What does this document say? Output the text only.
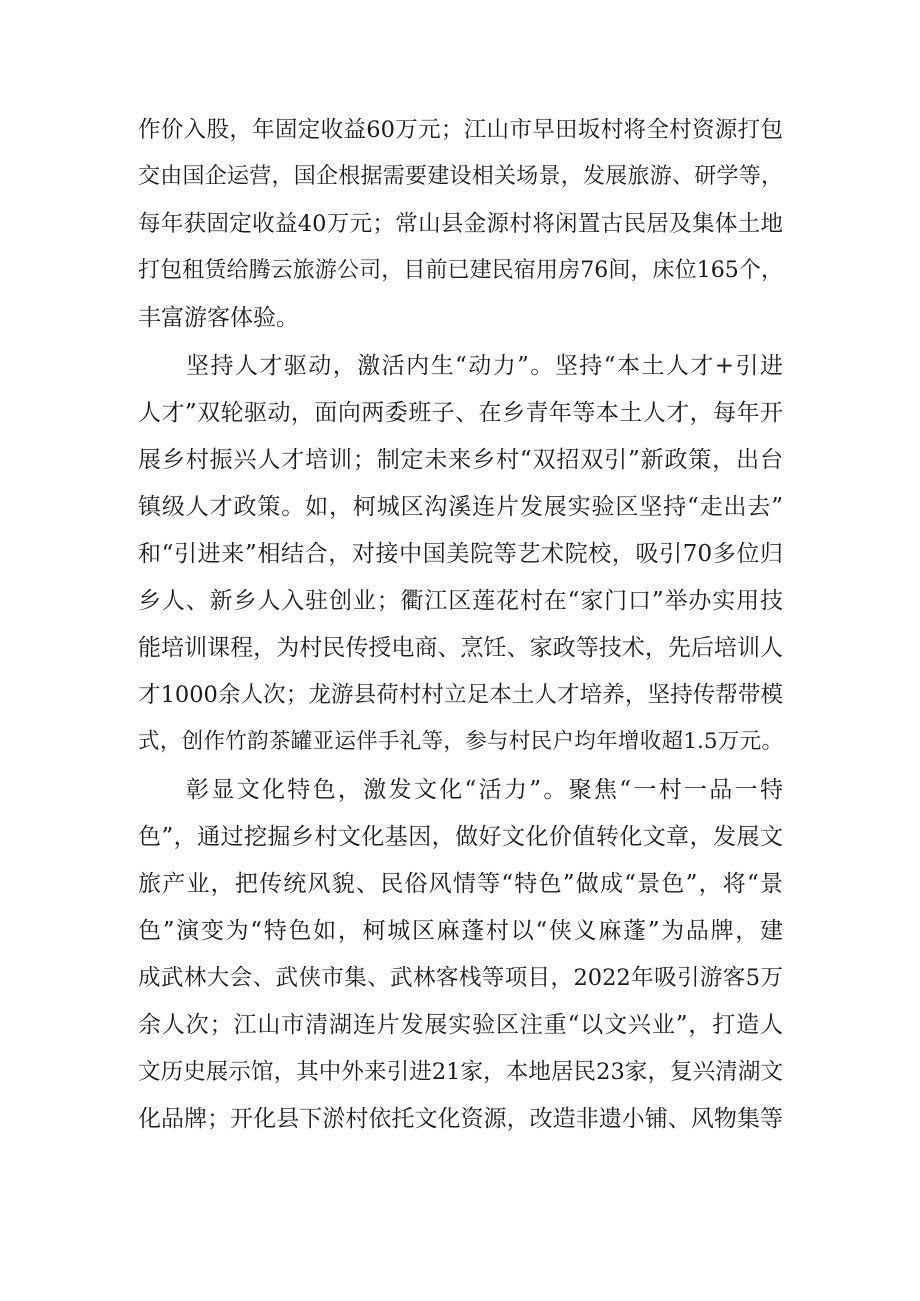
作价入股，年固定收益60万元；江山市早田坂村将全村资源打包
交由国企运营，国企根据需要建设相关场景，发展旅游、研学等，
每年获固定收益40万元；常山县金源村将闲置古民居及集体土地
打包租赁给腾云旅游公司，目前已建民宿用房76间，床位165个，
丰富游客体验。
坚持人才驱动，激活内生“动力”。坚持“本土人才+引进
人才”双轮驱动，面向两委班子、在乡青年等本土人才，每年开
展乡村振兴人才培训；制定未来乡村“双招双引”新政策，出台
镇级人才政策。如，柯城区沟溪连片发展实验区坚持“走出去”
和“引进来”相结合，对接中国美院等艺术院校，吸引70多位归
乡人、新乡人入驻创业；衢江区莲花村在“家门口”举办实用技
能培训课程，为村民传授电商、烹饪、家政等技术，先后培训人
才1000余人次；龙游县荷村村立足本土人才培养，坚持传帮带模
式，创作竹韵茶罐亚运伴手礼等，参与村民户均年增收超1.5万元。
彰显文化特色，激发文化“活力”。聚焦“一村一品一特
色”，通过挖掘乡村文化基因，做好文化价值转化文章，发展文
旅产业，把传统风貌、民俗风情等“特色”做成“景色”，将“景
色”演变为“特色如，柯城区麻蓬村以“侠义麻蓬”为品牌，建
成武林大会、武侠市集、武林客栈等项目，2022年吸引游客5万
余人次；江山市清湖连片发展实验区注重“以文兴业”，打造人
文历史展示馆，其中外来引进21家，本地居民23家，复兴清湖文
化品牌；开化县下淤村依托文化资源，改造非遗小铺、风物集等
